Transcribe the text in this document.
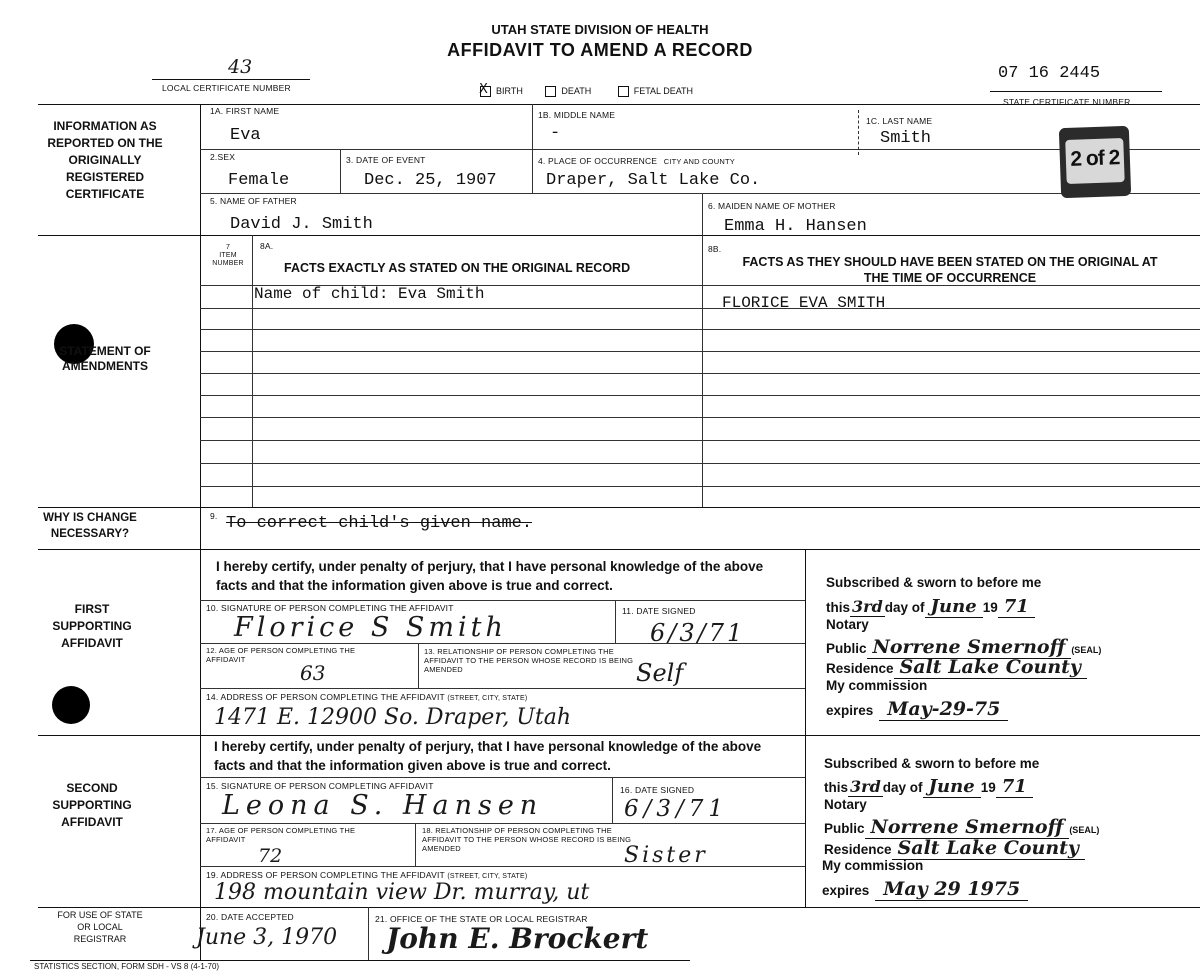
UTAH STATE DIVISION OF HEALTH
AFFIDAVIT TO AMEND A RECORD
43
LOCAL CERTIFICATE NUMBER	X BIRTH	DEATH	FETAL DEATH
07 16 2445
STATE CERTIFICATE NUMBER
INFORMATION AS REPORTED ON THE ORIGINALLY REGISTERED CERTIFICATE
1A. FIRST NAME
Eva
1B. MIDDLE NAME
-
1C. LAST NAME
Smith
2.SEX
Female
3. DATE OF EVENT
Dec. 25, 1907
4. PLACE OF OCCURRENCE CITY AND COUNTY
Draper, Salt Lake Co.
5. NAME OF FATHER
David J. Smith
6. MAIDEN NAME OF MOTHER
Emma H. Hansen
2 of 2
STATEMENT OF AMENDMENTS
7
ITEM NUMBER
8A.
FACTS EXACTLY AS STATED ON THE ORIGINAL RECORD
8B.
FACTS AS THEY SHOULD HAVE BEEN STATED ON THE ORIGINAL AT THE TIME OF OCCURRENCE
Name of child: Eva Smith	FLORICE EVA SMITH
WHY IS CHANGE NECESSARY?
9. To correct child's given name.
FIRST SUPPORTING AFFIDAVIT
I hereby certify, under penalty of perjury, that I have personal knowledge of the above facts and that the information given above is true and correct.
10. SIGNATURE OF PERSON COMPLETING THE AFFIDAVIT
Florice S Smith
11. DATE SIGNED
6/3/71
12. AGE OF PERSON COMPLETING THE AFFIDAVIT
63
13. RELATIONSHIP OF PERSON COMPLETING THE AFFIDAVIT TO THE PERSON WHOSE RECORD IS BEING AMENDED	Self
14. ADDRESS OF PERSON COMPLETING THE AFFIDAVIT (STREET, CITY, STATE)
1471 E. 12900 So. Draper, Utah
Subscribed & sworn to before me
this 3rd day of June 19 71
Notary
Public Norrene Smernoff (SEAL)
Residence Salt Lake County
My commission
expires May-29-75
SECOND SUPPORTING AFFIDAVIT
I hereby certify, under penalty of perjury, that I have personal knowledge of the above facts and that the information given above is true and correct.
15. SIGNATURE OF PERSON COMPLETING AFFIDAVIT
Leona S. Hansen	16. DATE SIGNED
6/3/71
17. AGE OF PERSON COMPLETING THE AFFIDAVIT
72
18. RELATIONSHIP OF PERSON COMPLETING THE AFFIDAVIT TO THE PERSON WHOSE RECORD IS BEING AMENDED	Sister
19. ADDRESS OF PERSON COMPLETING THE AFFIDAVIT (STREET, CITY, STATE)
198 mountain view Dr. murray, ut
Subscribed & sworn to before me
this 3rd day of June 19 71
Notary
Public Norrene Smernoff (SEAL)
Residence Salt Lake County
My commission
expires May 29 1975
FOR USE OF STATE OR LOCAL REGISTRAR
20. DATE ACCEPTED
June 3, 1970
21. OFFICE OF THE STATE OR LOCAL REGISTRAR
John E. Brockert
STATISTICS SECTION, FORM SDH - VS 8 (4-1-70)
